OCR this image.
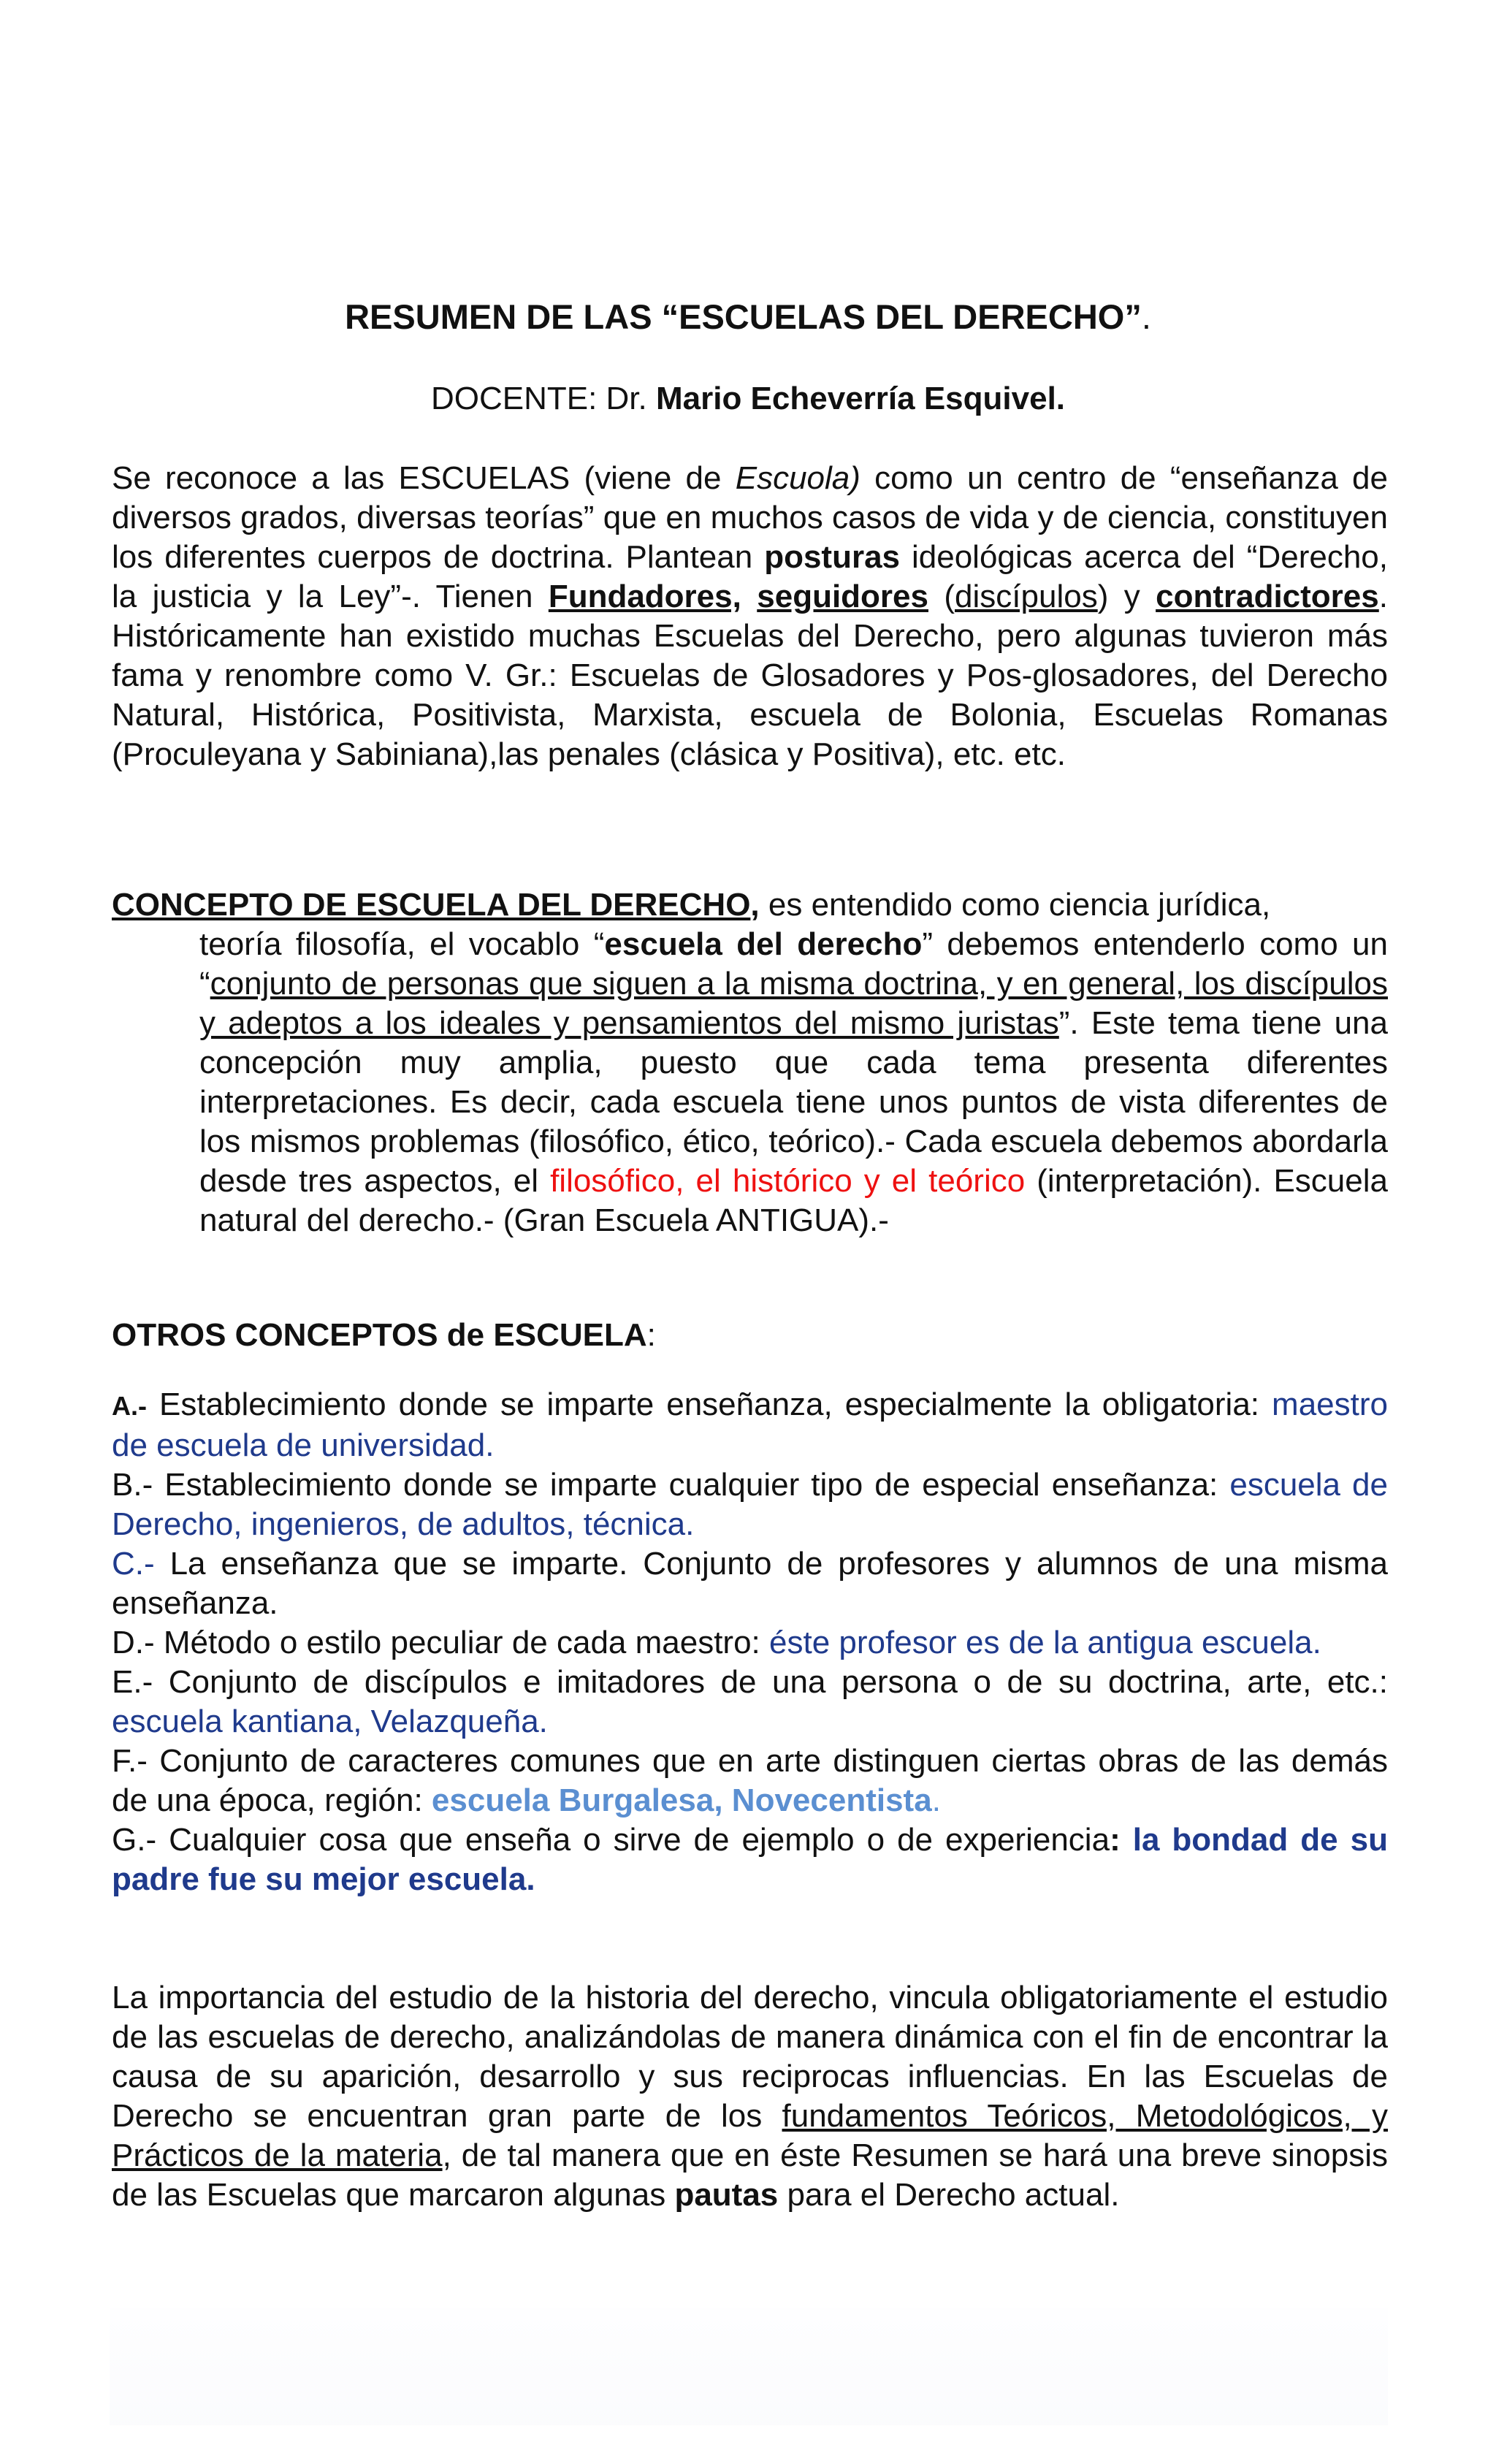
RESUMEN DE LAS “ESCUELAS DEL DERECHO”.
DOCENTE: Dr. Mario Echeverría Esquivel.

Se reconoce a las ESCUELAS (viene de Escuola) como un centro de “enseñanza de diversos grados, diversas teorías” que en muchos casos de vida y de ciencia, constituyen los diferentes cuerpos de doctrina. Plantean posturas ideológicas acerca del “Derecho, la justicia y la Ley”-. Tienen Fundadores, seguidores (discípulos) y contradictores. Históricamente han existido muchas Escuelas del Derecho, pero algunas tuvieron más fama y renombre como V. Gr.: Escuelas de Glosadores y Pos-glosadores, del Derecho Natural, Histórica, Positivista, Marxista, escuela de Bolonia, Escuelas Romanas (Proculeyana y Sabiniana),las penales (clásica y Positiva), etc. etc.

CONCEPTO DE ESCUELA DEL DERECHO, es entendido como ciencia jurídica,

teoría filosofía, el vocablo “escuela del derecho” debemos entenderlo como un “conjunto de personas que siguen a la misma doctrina, y en general, los discípulos y adeptos a los ideales y pensamientos del mismo juristas”. Este tema tiene una concepción muy amplia, puesto que cada tema presenta diferentes interpretaciones. Es decir, cada escuela tiene unos puntos de vista diferentes de los mismos problemas (filosófico, ético, teórico).- Cada escuela debemos abordarla desde tres aspectos, el filosófico, el histórico y el teórico (interpretación). Escuela natural del derecho.- (Gran Escuela ANTIGUA).-

OTROS CONCEPTOS de ESCUELA:

A.- Establecimiento donde se imparte enseñanza, especialmente la obligatoria: maestro de escuela de universidad.

B.- Establecimiento donde se imparte cualquier tipo de especial enseñanza: escuela de Derecho, ingenieros, de adultos, técnica.

C.- La enseñanza que se imparte. Conjunto de profesores y alumnos de una misma enseñanza.

D.- Método o estilo peculiar de cada maestro: éste profesor es de la antigua escuela.

E.- Conjunto de discípulos e imitadores de una persona o de su doctrina, arte, etc.: escuela kantiana, Velazqueña.

F.- Conjunto de caracteres comunes que en arte distinguen ciertas obras de las demás de una época, región: escuela Burgalesa, Novecentista.

G.- Cualquier cosa que enseña o sirve de ejemplo o de experiencia: la bondad de su padre fue su mejor escuela.

La importancia del estudio de la historia del derecho, vincula obligatoriamente el estudio de las escuelas de derecho, analizándolas de manera dinámica con el fin de encontrar la causa de su aparición, desarrollo y sus reciprocas influencias. En las Escuelas de Derecho se encuentran gran parte de los fundamentos Teóricos, Metodológicos, y Prácticos de la materia, de tal manera que en éste Resumen se hará una breve sinopsis de las Escuelas que marcaron algunas pautas para el Derecho actual.
